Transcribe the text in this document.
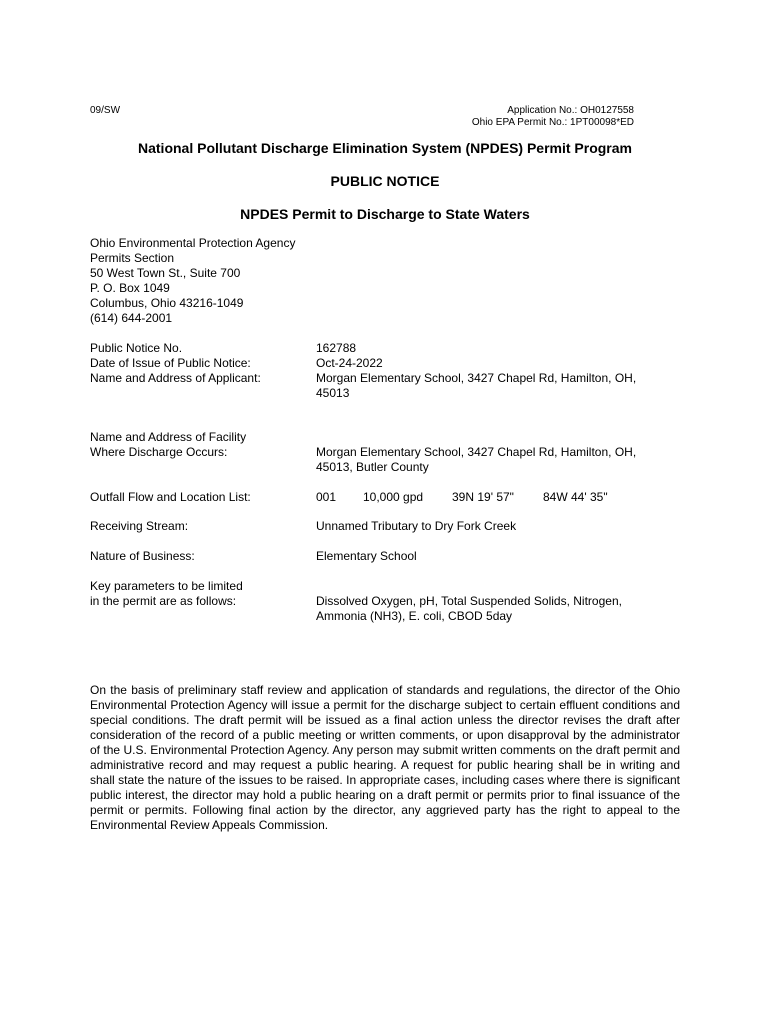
09/SW	Application No.: OH0127558
Ohio EPA Permit No.: 1PT00098*ED
National Pollutant Discharge Elimination System (NPDES) Permit Program
PUBLIC NOTICE
NPDES Permit to Discharge to State Waters
Ohio Environmental Protection Agency
Permits Section
50 West Town St., Suite 700
P. O. Box 1049
Columbus, Ohio 43216-1049
(614) 644-2001
Public Notice No.	162788
Date of Issue of Public Notice:	Oct-24-2022
Name and Address of Applicant:	Morgan Elementary School, 3427 Chapel Rd, Hamilton, OH, 45013
Name and Address of Facility
Where Discharge Occurs:	Morgan Elementary School, 3427 Chapel Rd, Hamilton, OH, 45013, Butler County
Outfall Flow and Location List:	001 10,000 gpd 39N 19' 57" 84W 44' 35"
Receiving Stream:	Unnamed Tributary to Dry Fork Creek
Nature of Business:	Elementary School
Key parameters to be limited
in the permit are as follows:	Dissolved Oxygen, pH, Total Suspended Solids, Nitrogen, Ammonia (NH3), E. coli, CBOD 5day
On the basis of preliminary staff review and application of standards and regulations, the director of the Ohio Environmental Protection Agency will issue a permit for the discharge subject to certain effluent conditions and special conditions. The draft permit will be issued as a final action unless the director revises the draft after consideration of the record of a public meeting or written comments, or upon disapproval by the administrator of the U.S. Environmental Protection Agency. Any person may submit written comments on the draft permit and administrative record and may request a public hearing. A request for public hearing shall be in writing and shall state the nature of the issues to be raised. In appropriate cases, including cases where there is significant public interest, the director may hold a public hearing on a draft permit or permits prior to final issuance of the permit or permits. Following final action by the director, any aggrieved party has the right to appeal to the Environmental Review Appeals Commission.
